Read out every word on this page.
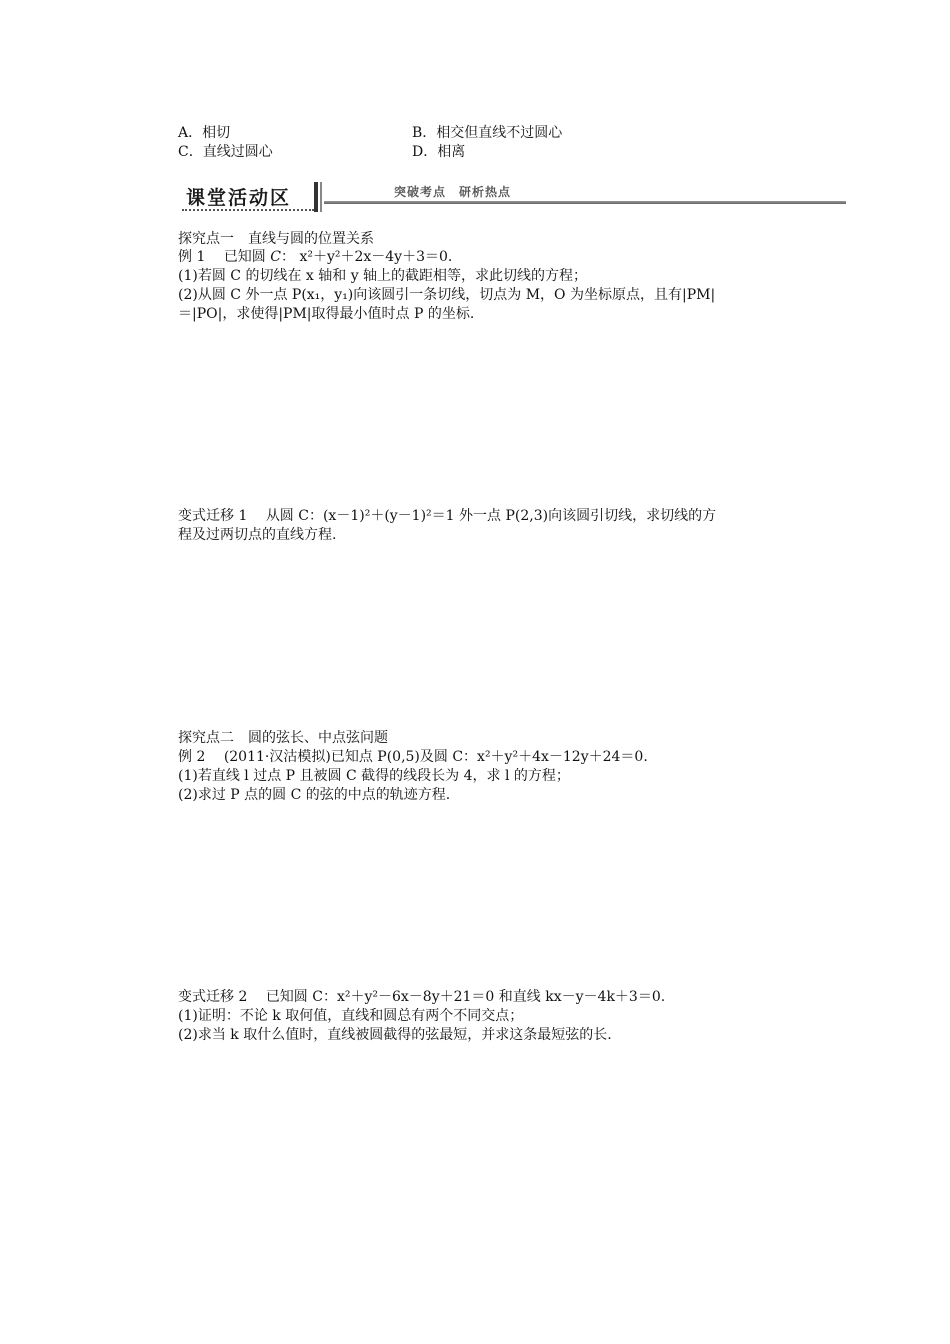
A．相切	B．相交但直线不过圆心
C．直线过圆心	D．相离
课堂活动区	突破考点　研析热点
探究点一　直线与圆的位置关系
例 1　 已知圆 C： x²＋y²＋2x－4y＋3＝0.
(1)若圆 C 的切线在 x 轴和 y 轴上的截距相等，求此切线的方程；
(2)从圆 C 外一点 P(x₁，y₁)向该圆引一条切线，切点为 M，O 为坐标原点，且有|PM|
＝|PO|，求使得|PM|取得最小值时点 P 的坐标.
变式迁移 1　 从圆 C：(x－1)²＋(y－1)²＝1 外一点 P(2,3)向该圆引切线，求切线的方
程及过两切点的直线方程.
探究点二　圆的弦长、中点弦问题
例 2　 (2011·汉沽模拟)已知点 P(0,5)及圆 C：x²＋y²＋4x－12y＋24＝0.
(1)若直线 l 过点 P 且被圆 C 截得的线段长为 4，求 l 的方程；
(2)求过 P 点的圆 C 的弦的中点的轨迹方程.
变式迁移 2　 已知圆 C：x²＋y²－6x－8y＋21＝0 和直线 kx－y－4k＋3＝0.
(1)证明：不论 k 取何值，直线和圆总有两个不同交点；
(2)求当 k 取什么值时，直线被圆截得的弦最短，并求这条最短弦的长.
